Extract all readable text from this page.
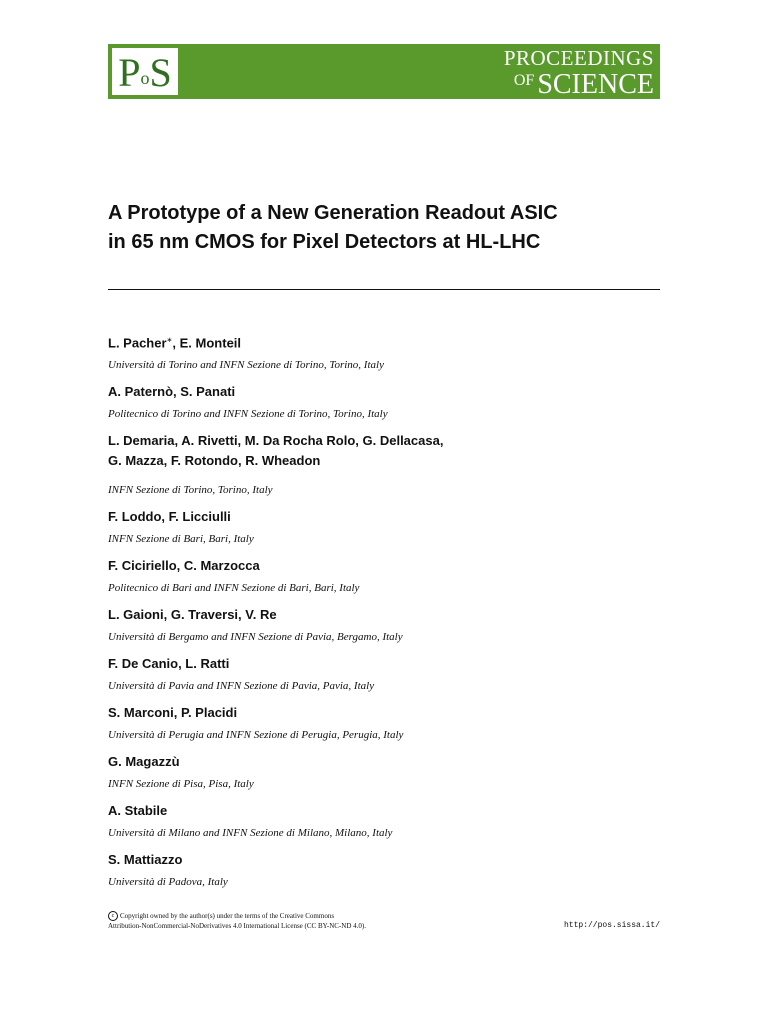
PoS	PROCEEDINGS
OF SCIENCE
A Prototype of a New Generation Readout ASIC
in 65 nm CMOS for Pixel Detectors at HL-LHC

L. Pacher∗, E. Monteil

Università di Torino and INFN Sezione di Torino, Torino, Italy

A. Paternò, S. Panati

Politecnico di Torino and INFN Sezione di Torino, Torino, Italy

L. Demaria, A. Rivetti, M. Da Rocha Rolo, G. Dellacasa,

G. Mazza, F. Rotondo, R. Wheadon

INFN Sezione di Torino, Torino, Italy

F. Loddo, F. Licciulli

INFN Sezione di Bari, Bari, Italy

F. Ciciriello, C. Marzocca

Politecnico di Bari and INFN Sezione di Bari, Bari, Italy

L. Gaioni, G. Traversi, V. Re

Università di Bergamo and INFN Sezione di Pavia, Bergamo, Italy

F. De Canio, L. Ratti

Università di Pavia and INFN Sezione di Pavia, Pavia, Italy

S. Marconi, P. Placidi

Università di Perugia and INFN Sezione di Perugia, Perugia, Italy

G. Magazzù

INFN Sezione di Pisa, Pisa, Italy

A. Stabile

Università di Milano and INFN Sezione di Milano, Milano, Italy

S. Mattiazzo

Università di Padova, Italy

c Copyright owned by the author(s) under the terms of the Creative Commons
Attribution-NonCommercial-NoDerivatives 4.0 International License (CC BY-NC-ND 4.0).	http://pos.sissa.it/
